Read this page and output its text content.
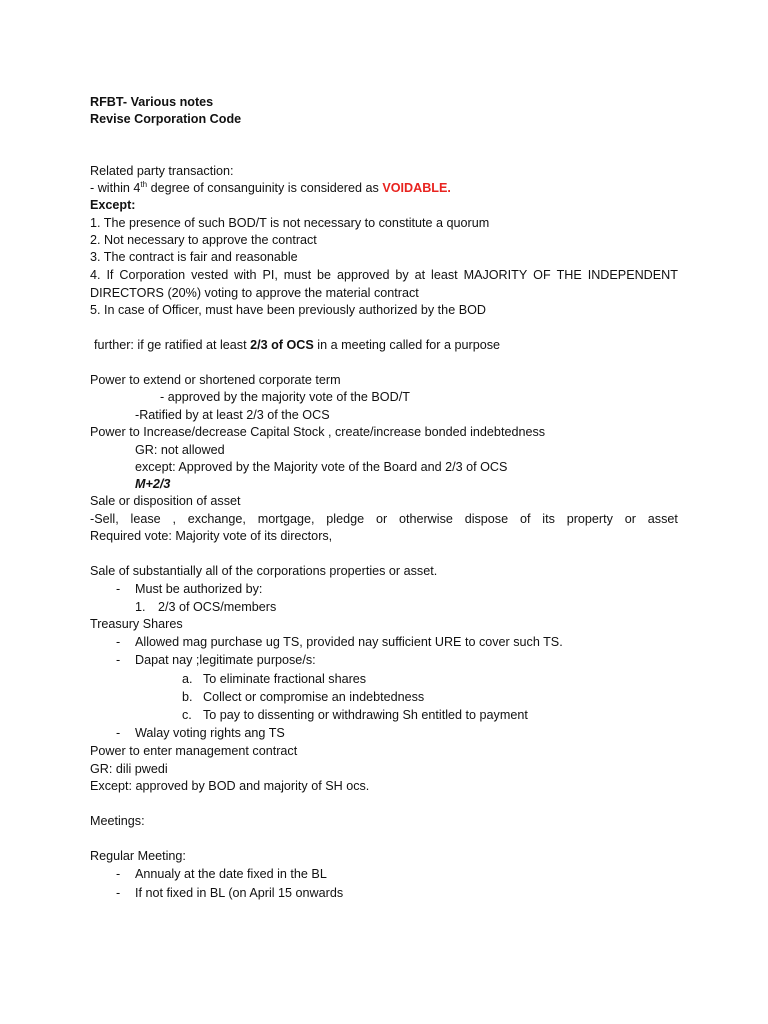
RFBT- Various notes
Revise Corporation Code
Related party transaction:
- within 4th degree of consanguinity is considered as VOIDABLE.
Except:
1. The presence of such BOD/T is not necessary to constitute a quorum
2. Not necessary to approve the contract
3. The contract is fair and reasonable
4. If Corporation vested with PI, must be approved by at least MAJORITY OF THE INDEPENDENT
DIRECTORS (20%) voting to approve the material contract
5. In case of Officer, must have been previously authorized by the BOD
further: if ge ratified at least 2/3 of OCS in a meeting called for a purpose
Power to extend or shortened corporate term
- approved by the majority vote of the BOD/T
-Ratified by at least 2/3 of the OCS
Power to Increase/decrease Capital Stock , create/increase bonded indebtedness
GR: not allowed
except: Approved by the Majority vote of the Board and 2/3 of OCS
M+2/3
Sale or disposition of asset
-Sell, lease , exchange, mortgage, pledge or otherwise dispose of its property or asset
Required vote: Majority vote of its directors,
Sale of substantially all of the corporations properties or asset.
- Must be authorized by:
1. 2/3 of OCS/members
Treasury Shares
- Allowed mag purchase ug TS, provided nay sufficient URE to cover such TS.
- Dapat nay ;legitimate purpose/s:
a. To eliminate fractional shares
b. Collect or compromise an indebtedness
c. To pay to dissenting or withdrawing Sh entitled to payment
- Walay voting rights ang TS
Power to enter management contract
GR: dili pwedi
Except: approved by BOD and majority of SH ocs.
Meetings:
Regular Meeting:
- Annualy at the date fixed in the BL
- If not fixed in BL (on April 15 onwards
